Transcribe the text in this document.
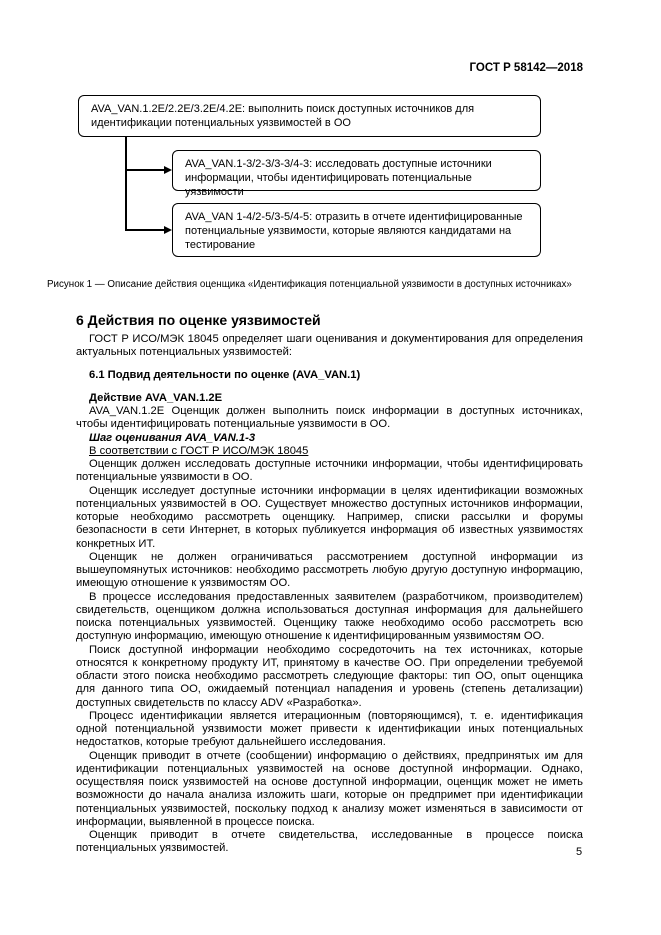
ГОСТ Р 58142—2018
AVA_VAN.1.2E/2.2E/3.2E/4.2E: выполнить поиск доступных источников для идентификации потенциальных уязвимостей в ОО
AVA_VAN.1-3/2-3/3-3/4-3: исследовать доступные источники информации, чтобы идентифицировать потенциальные уязвимости
AVA_VAN 1-4/2-5/3-5/4-5: отразить в отчете идентифицированные потенциальные уязвимости, которые являются кандидатами на тестирование
Рисунок 1 — Описание действия оценщика «Идентификация потенциальной уязвимости в доступных источниках»
6 Действия по оценке уязвимостей

ГОСТ Р ИСО/МЭК 18045 определяет шаги оценивания и документирования для определения актуальных потенциальных уязвимостей:

6.1 Подвид деятельности по оценке (AVA_VAN.1)

Действие AVA_VAN.1.2E

AVA_VAN.1.2E Оценщик должен выполнить поиск информации в доступных источниках, чтобы идентифицировать потенциальные уязвимости в ОО.

Шаг оценивания AVA_VAN.1-3

В соответствии с ГОСТ Р ИСО/МЭК 18045

Оценщик должен исследовать доступные источники информации, чтобы идентифицировать потенциальные уязвимости в ОО.

Оценщик исследует доступные источники информации в целях идентификации возможных потенциальных уязвимостей в ОО. Существует множество доступных источников информации, которые необходимо рассмотреть оценщику. Например, списки рассылки и форумы безопасности в сети Интернет, в которых публикуется информация об известных уязвимостях конкретных ИТ.

Оценщик не должен ограничиваться рассмотрением доступной информации из вышеупомянутых источников: необходимо рассмотреть любую другую доступную информацию, имеющую отношение к уязвимостям ОО.

В процессе исследования предоставленных заявителем (разработчиком, производителем) свидетельств, оценщиком должна использоваться доступная информация для дальнейшего поиска потенциальных уязвимостей. Оценщику также необходимо особо рассмотреть всю доступную информацию, имеющую отношение к идентифицированным уязвимостям ОО.

Поиск доступной информации необходимо сосредоточить на тех источниках, которые относятся к конкретному продукту ИТ, принятому в качестве ОО. При определении требуемой области этого поиска необходимо рассмотреть следующие факторы: тип ОО, опыт оценщика для данного типа ОО, ожидаемый потенциал нападения и уровень (степень детализации) доступных свидетельств по классу ADV «Разработка».

Процесс идентификации является итерационным (повторяющимся), т. е. идентификация одной потенциальной уязвимости может привести к идентификации иных потенциальных недостатков, которые требуют дальнейшего исследования.

Оценщик приводит в отчете (сообщении) информацию о действиях, предпринятых им для идентификации потенциальных уязвимостей на основе доступной информации. Однако, осуществляя поиск уязвимостей на основе доступной информации, оценщик может не иметь возможности до начала анализа изложить шаги, которые он предпримет при идентификации потенциальных уязвимостей, поскольку подход к анализу может изменяться в зависимости от информации, выявленной в процессе поиска.

Оценщик приводит в отчете свидетельства, исследованные в процессе поиска потенциальных уязвимостей.	5
